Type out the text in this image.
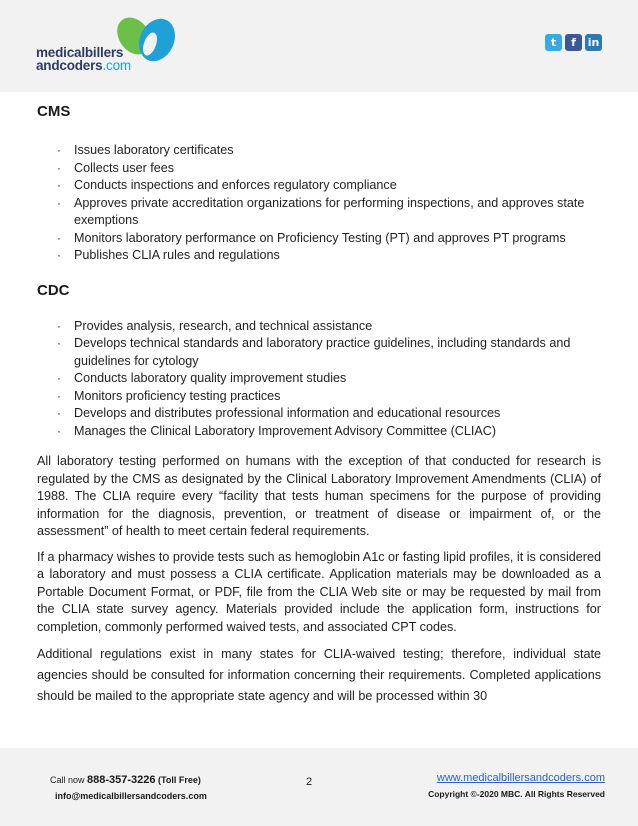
medicalbillers
andcoders.com
t	f	in
CMS
· Issues laboratory certificates
· Collects user fees
· Conducts inspections and enforces regulatory compliance
· Approves private accreditation organizations for performing inspections, and approves state exemptions
· Monitors laboratory performance on Proficiency Testing (PT) and approves PT programs
· Publishes CLIA rules and regulations
CDC
· Provides analysis, research, and technical assistance
· Develops technical standards and laboratory practice guidelines, including standards and guidelines for cytology
· Conducts laboratory quality improvement studies
· Monitors proficiency testing practices
· Develops and distributes professional information and educational resources
· Manages the Clinical Laboratory Improvement Advisory Committee (CLIAC)

All laboratory testing performed on humans with the exception of that conducted for research is regulated by the CMS as designated by the Clinical Laboratory Improvement Amendments (CLIA) of 1988. The CLIA require every “facility that tests human specimens for the purpose of providing information for the diagnosis, prevention, or treatment of disease or impairment of, or the assessment” of health to meet certain federal requirements.

If a pharmacy wishes to provide tests such as hemoglobin A1c or fasting lipid profiles, it is considered a laboratory and must possess a CLIA certificate. Application materials may be downloaded as a Portable Document Format, or PDF, file from the CLIA Web site or may be requested by mail from the CLIA state survey agency. Materials provided include the application form, instructions for completion, commonly performed waived tests, and associated CPT codes.

Additional regulations exist in many states for CLIA-waived testing; therefore, individual state agencies should be consulted for information concerning their requirements. Completed applications should be mailed to the appropriate state agency and will be processed within 30

Call now 888-357-3226 (Toll Free)
info@medicalbillersandcoders.com
2	www.medicalbillersandcoders.com
Copyright ©-2020 MBC. All Rights Reserved
